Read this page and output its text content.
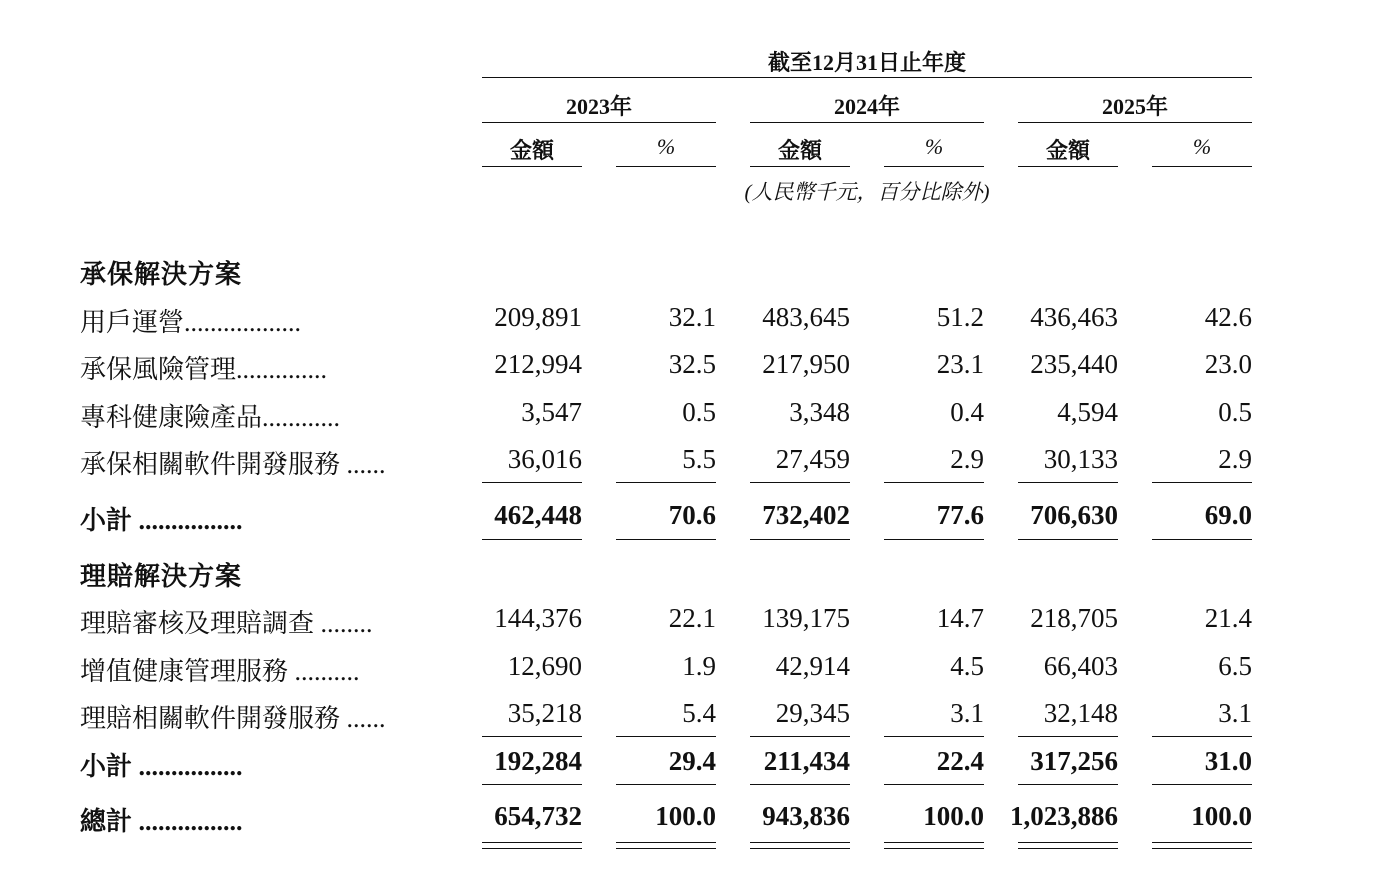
截至12月31日止年度
2023年	2024年	2025年
金額	%	金額	%	金額	%
(人民幣千元，百分比除外)
承保解決方案
用戶運營..................	209,891	32.1	483,645	51.2	436,463	42.6
承保風險管理..............	212,994	32.5	217,950	23.1	235,440	23.0
專科健康險產品............	3,547	0.5	3,348	0.4	4,594	0.5
承保相關軟件開發服務 ......	36,016	5.5	27,459	2.9	30,133	2.9
小計 ................	462,448	70.6	732,402	77.6	706,630	69.0
理賠解決方案
理賠審核及理賠調查 ........	144,376	22.1	139,175	14.7	218,705	21.4
增值健康管理服務 ..........	12,690	1.9	42,914	4.5	66,403	6.5
理賠相關軟件開發服務 ......	35,218	5.4	29,345	3.1	32,148	3.1
小計 ................	192,284	29.4	211,434	22.4	317,256	31.0
總計 ................	654,732	100.0	943,836	100.0 1,023,886	100.0
